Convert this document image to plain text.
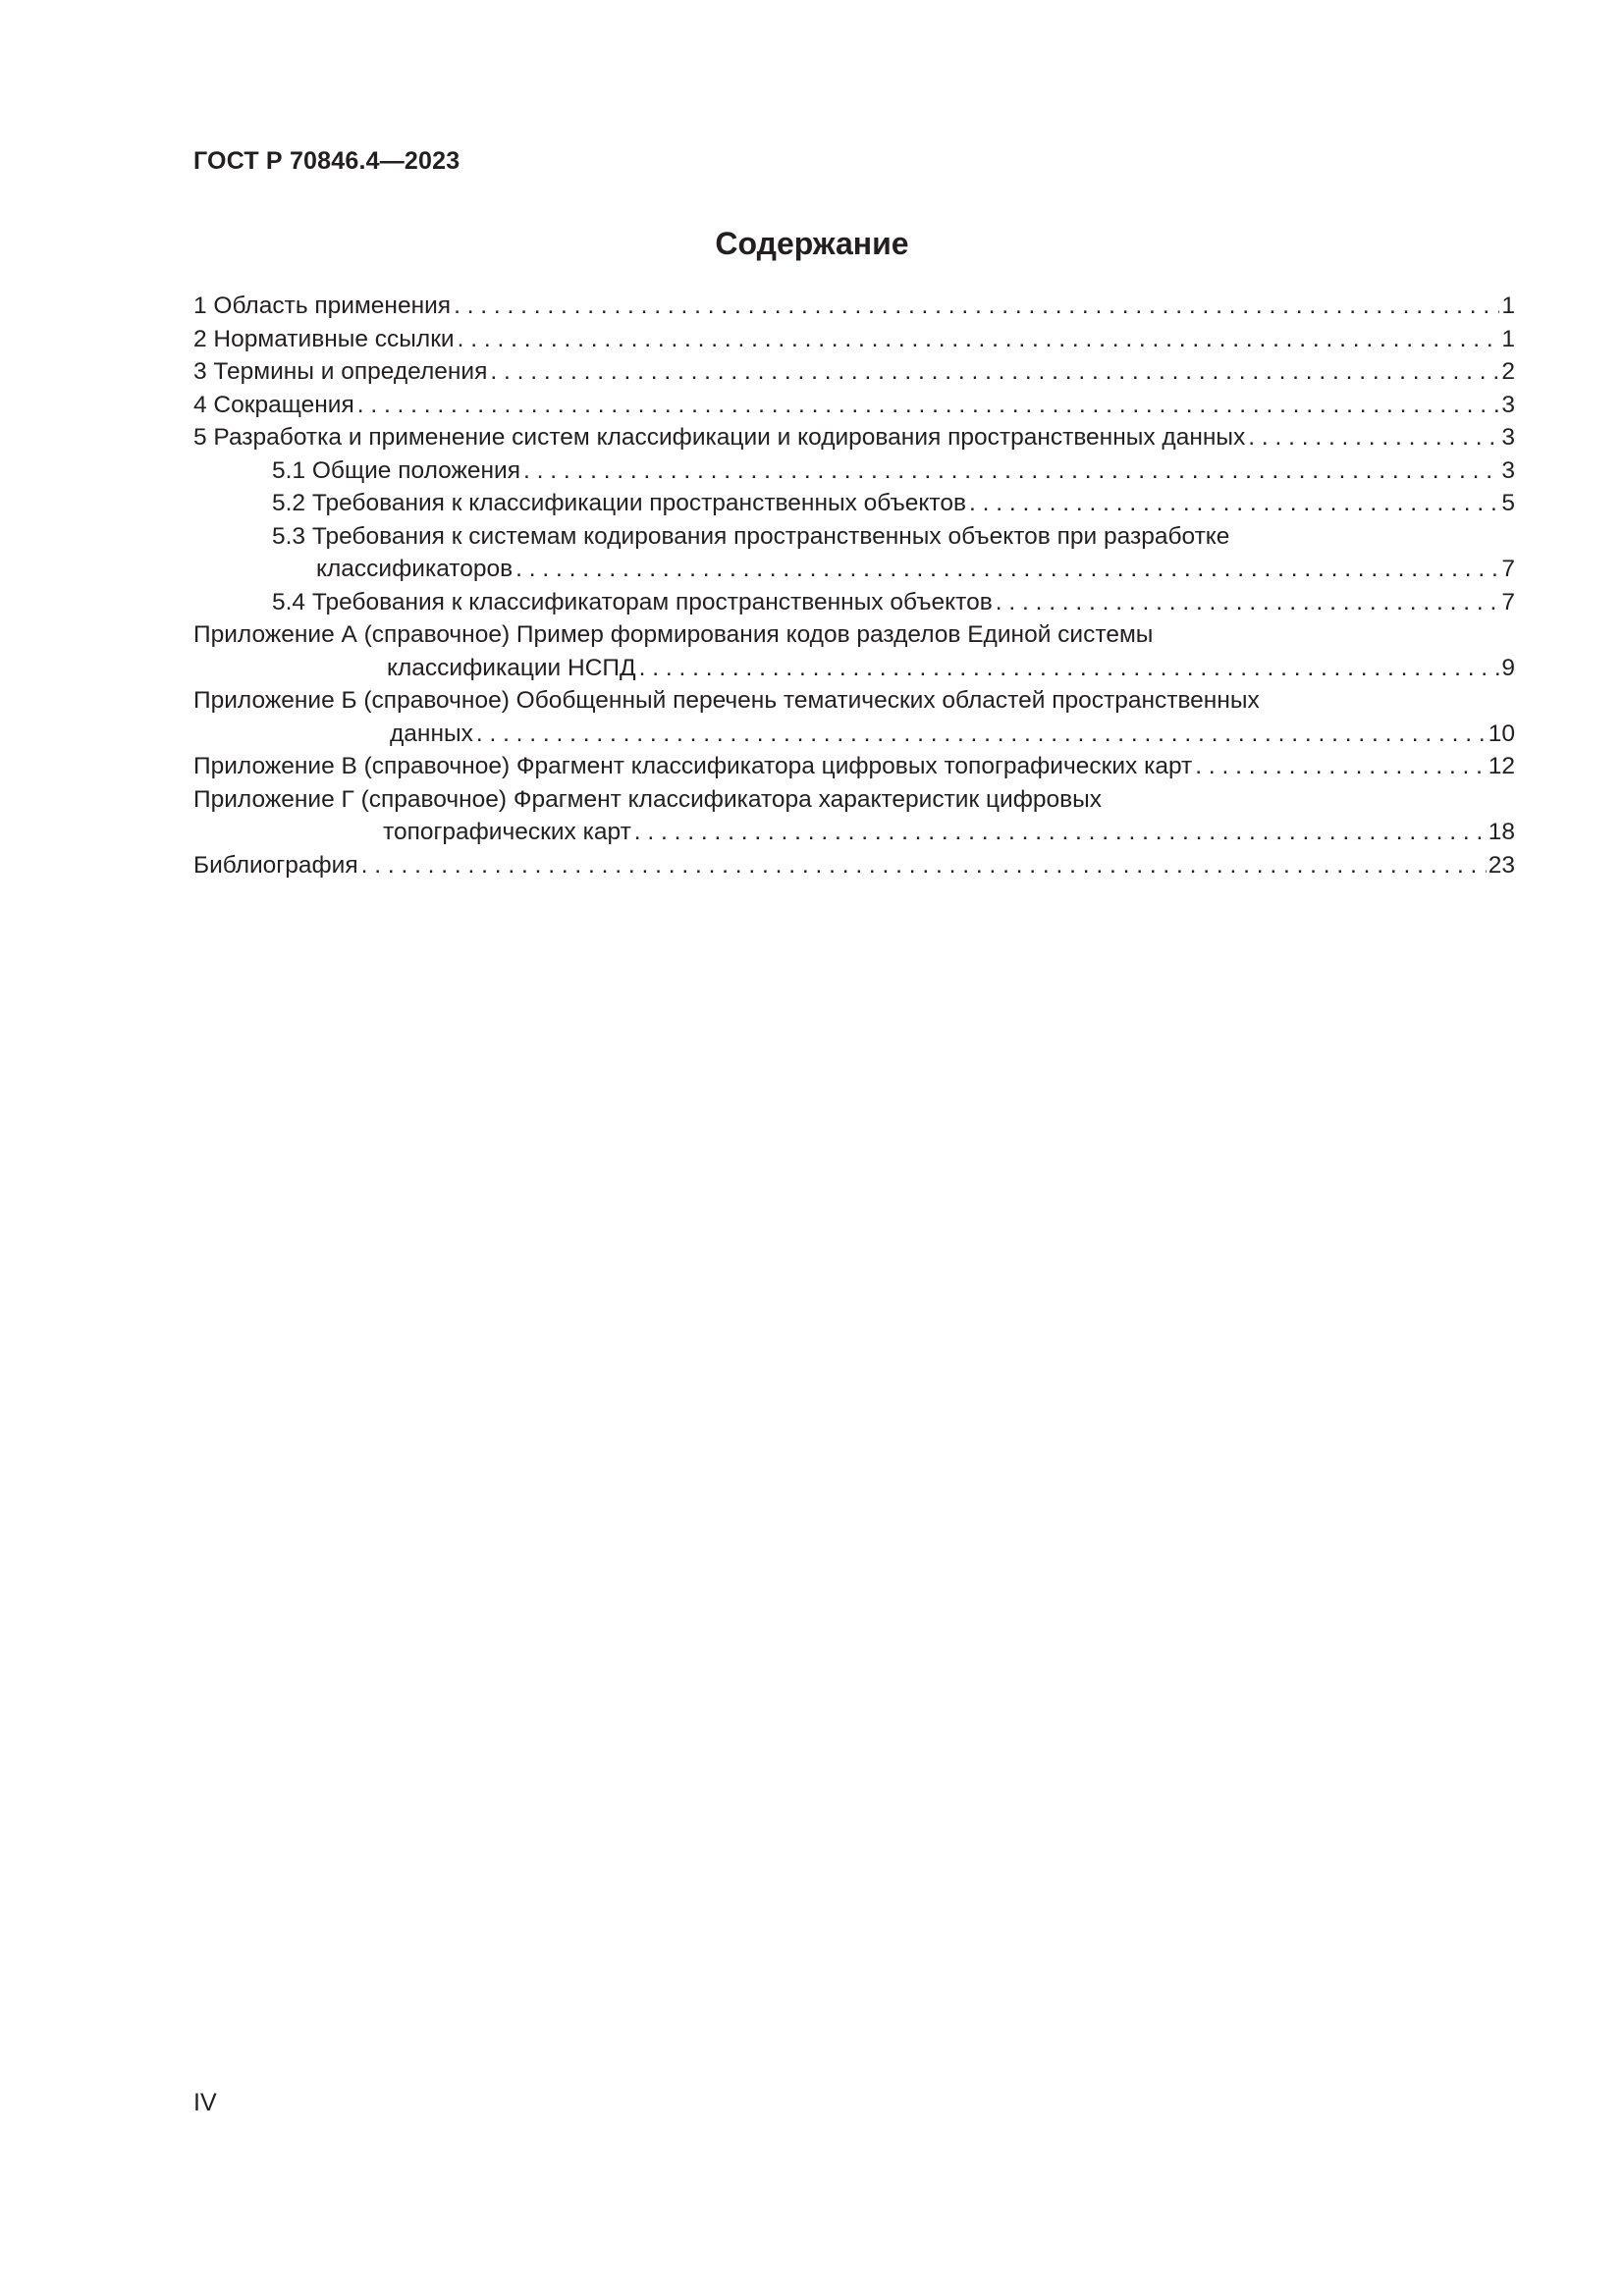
ГОСТ Р 70846.4—2023
Содержание
1 Область применения . . .	1
2 Нормативные ссылки . . .	1
3 Термины и определения . . .	2
4 Сокращения . . .	3
5 Разработка и применение систем классификации и кодирования пространственных данных . . .	3
5.1 Общие положения . . .	3
5.2 Требования к классификации пространственных объектов . . .	5
5.3 Требования к системам кодирования пространственных объектов при разработке
классификаторов . . .	7
5.4 Требования к классификаторам пространственных объектов . . .	7
Приложение А (справочное) Пример формирования кодов разделов Единой системы
классификации НСПД . . .	9
Приложение Б (справочное) Обобщенный перечень тематических областей пространственных
данных . . .	10
Приложение В (справочное) Фрагмент классификатора цифровых топографических карт . . .	12
Приложение Г (справочное) Фрагмент классификатора характеристик цифровых
топографических карт . . .	18
Библиография . . .	23
IV
